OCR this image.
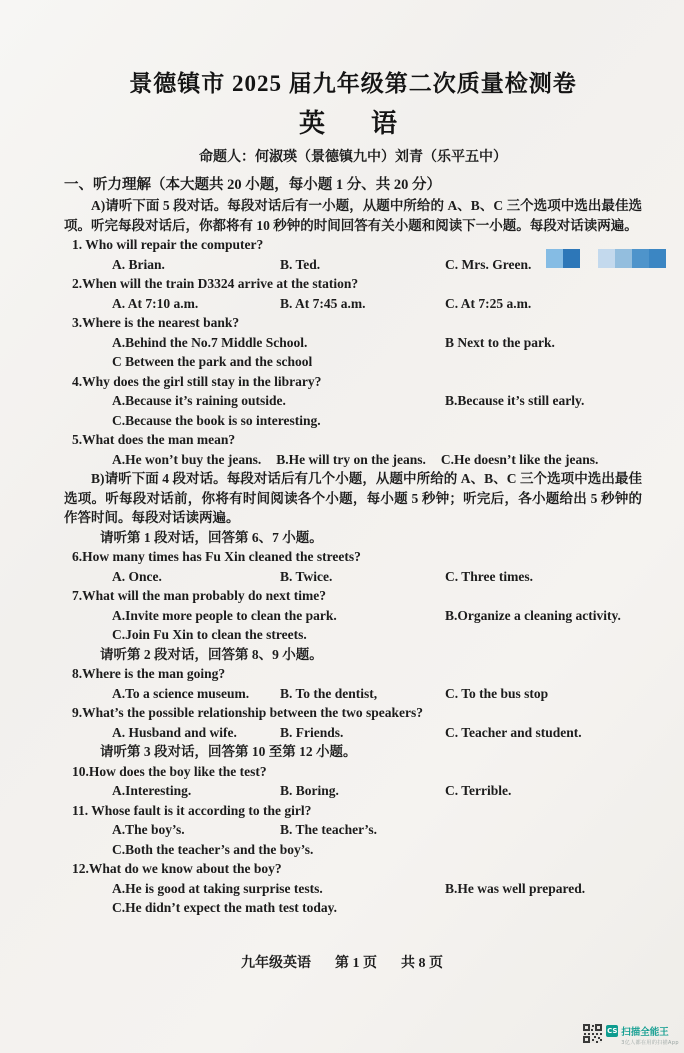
景德镇市 2025 届九年级第二次质量检测卷
英　语
命题人：何淑瑛（景德镇九中）刘青（乐平五中）
一、听力理解（本大题共 20 小题，每小题 1 分、共 20 分）

A)请听下面 5 段对话。每段对话后有一小题，从题中所给的 A、B、C 三个选项中选出最佳选项。听完每段对话后，你都将有 10 秒钟的时间回答有关小题和阅读下一小题。每段对话读两遍。

1. Who will repair the computer?
A. Brian.	B. Ted.	C. Mrs. Green.
2.When will the train D3324 arrive at the station?
A. At 7:10 a.m.	B. At 7:45 a.m.	C. At 7:25 a.m.
3.Where is the nearest bank?
A.Behind the No.7 Middle School.	B Next to the park.
C Between the park and the school
4.Why does the girl still stay in the library?
A.Because it’s raining outside.	B.Because it’s still early.
C.Because the book is so interesting.
5.What does the man mean?
A.He won’t buy the jeans. B.He will try on the jeans. C.He doesn’t like the jeans.

B)请听下面 4 段对话。每段对话后有几个小题，从题中所给的 A、B、C 三个选项中选出最佳选项。听每段对话前，你将有时间阅读各个小题，每小题 5 秒钟；听完后，各小题给出 5 秒钟的作答时间。每段对话读两遍。

请听第 1 段对话，回答第 6、7 小题。
6.How many times has Fu Xin cleaned the streets?
A. Once.	B. Twice.	C. Three times.
7.What will the man probably do next time?
A.Invite more people to clean the park.	B.Organize a cleaning activity.
C.Join Fu Xin to clean the streets.
请听第 2 段对话，回答第 8、9 小题。
8.Where is the man going?
A.To a science museum.	B. To the dentist,	C. To the bus stop
9.What’s the possible relationship between the two speakers?
A. Husband and wife.	B. Friends.	C. Teacher and student.
请听第 3 段对话，回答第 10 至第 12 小题。
10.How does the boy like the test?
A.Interesting.	B. Boring.	C. Terrible.
11. Whose fault is it according to the girl?
A.The boy’s.	B. The teacher’s.
C.Both the teacher’s and the boy’s.
12.What do we know about the boy?
A.He is good at taking surprise tests.	B.He was well prepared.
C.He didn’t expect the math test today.
九年级英语 第 1 页 共 8 页
CS 扫描全能王
3亿人都在用的扫描App
